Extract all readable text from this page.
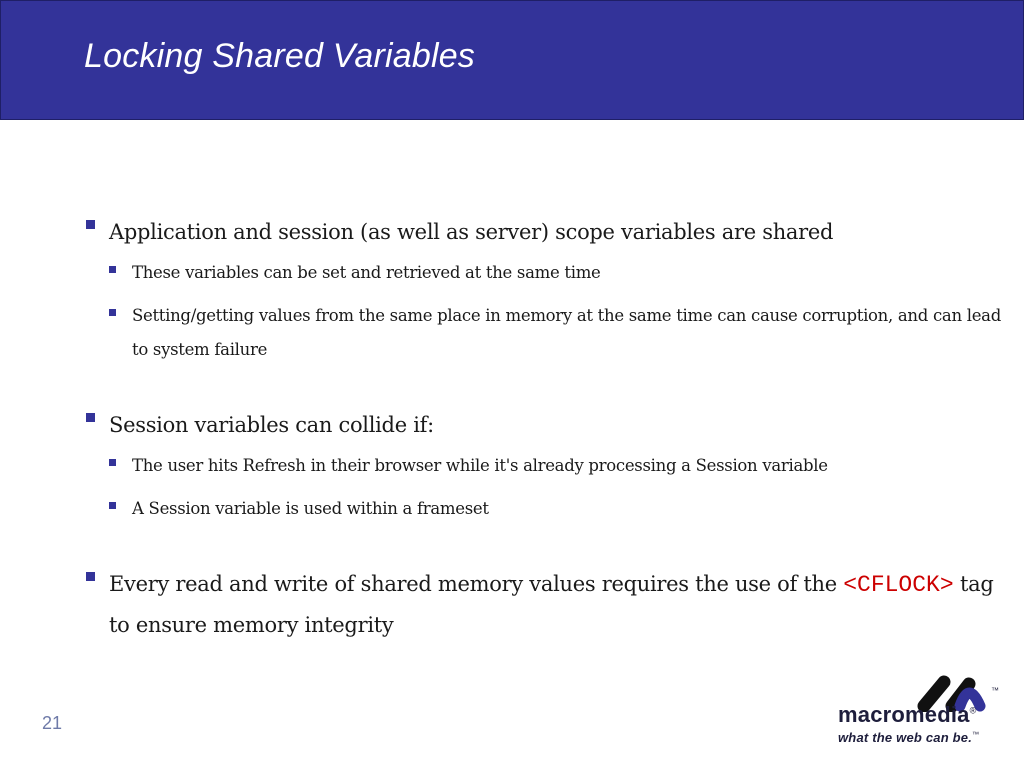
Locking Shared Variables
Application and session (as well as server) scope variables are shared
These variables can be set and retrieved at the same time
Setting/getting values from the same place in memory at the same time can cause corruption, and can lead to system failure
Session variables can collide if:
The user hits Refresh in their browser while it's already processing a Session variable
A Session variable is used within a frameset
Every read and write of shared memory values requires the use of the <CFLOCK> tag to ensure memory integrity
21
™
macromedia®
what the web can be.™
